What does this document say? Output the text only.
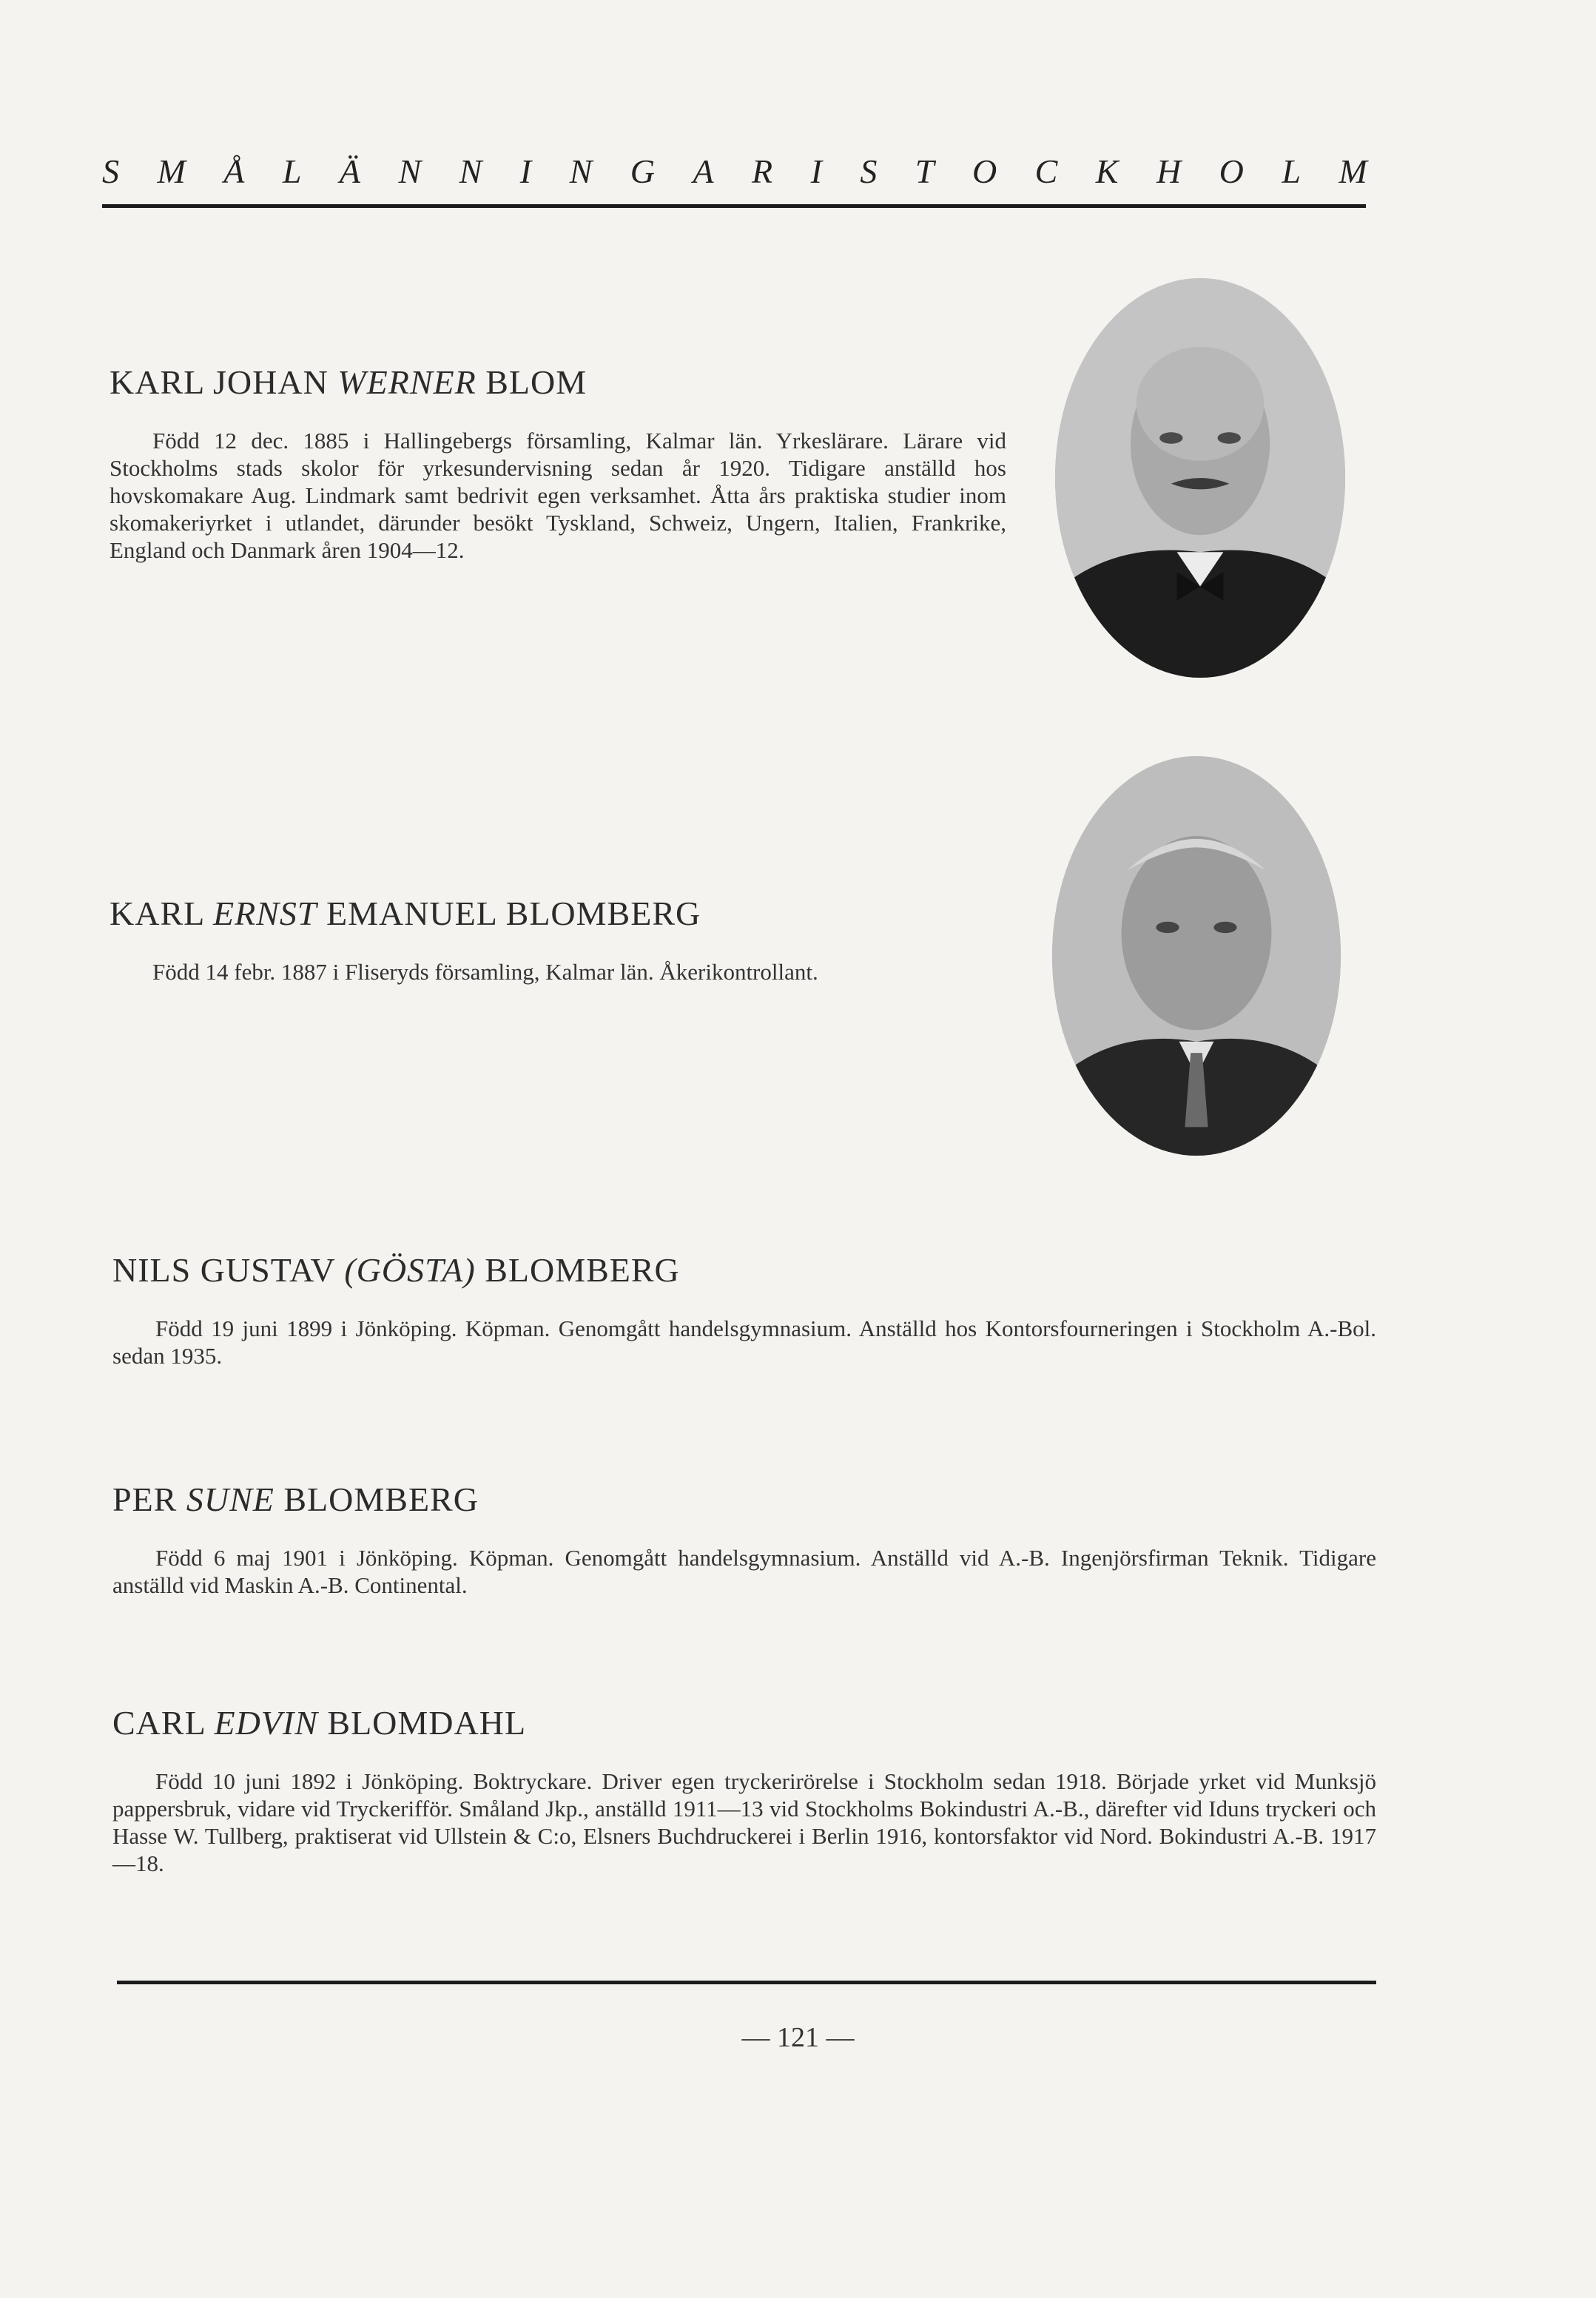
S M Å L Ä N N I N G A R I S T O C K H O L M
KARL JOHAN WERNER BLOM

Född 12 dec. 1885 i Hallingebergs församling, Kalmar län. Yrkeslärare. Lärare vid Stockholms stads skolor för yrkesundervisning sedan år 1920. Tidigare anställd hos hovskomakare Aug. Lindmark samt bedrivit egen verksamhet. Åtta års praktiska studier inom skomakeriyrket i utlandet, därunder besökt Tyskland, Schweiz, Ungern, Italien, Frankrike, England och Danmark åren 1904—12.

KARL ERNST EMANUEL BLOMBERG

Född 14 febr. 1887 i Fliseryds församling, Kalmar län. Åkerikontrollant.

NILS GUSTAV (GÖSTA) BLOMBERG

Född 19 juni 1899 i Jönköping. Köpman. Genomgått handelsgymnasium. Anställd hos Kontorsfourneringen i Stockholm A.-Bol. sedan 1935.

PER SUNE BLOMBERG

Född 6 maj 1901 i Jönköping. Köpman. Genomgått handelsgymnasium. Anställd vid A.-B. Ingenjörsfirman Teknik. Tidigare anställd vid Maskin A.-B. Continental.

CARL EDVIN BLOMDAHL

Född 10 juni 1892 i Jönköping. Boktryckare. Driver egen tryckerirörelse i Stockholm sedan 1918. Började yrket vid Munksjö pappersbruk, vidare vid Tryckerifför. Småland Jkp., anställd 1911—13 vid Stockholms Bokindustri A.-B., därefter vid Iduns tryckeri och Hasse W. Tullberg, praktiserat vid Ullstein & C:o, Elsners Buchdruckerei i Berlin 1916, kontorsfaktor vid Nord. Bokindustri A.-B. 1917—18.

— 121 —
